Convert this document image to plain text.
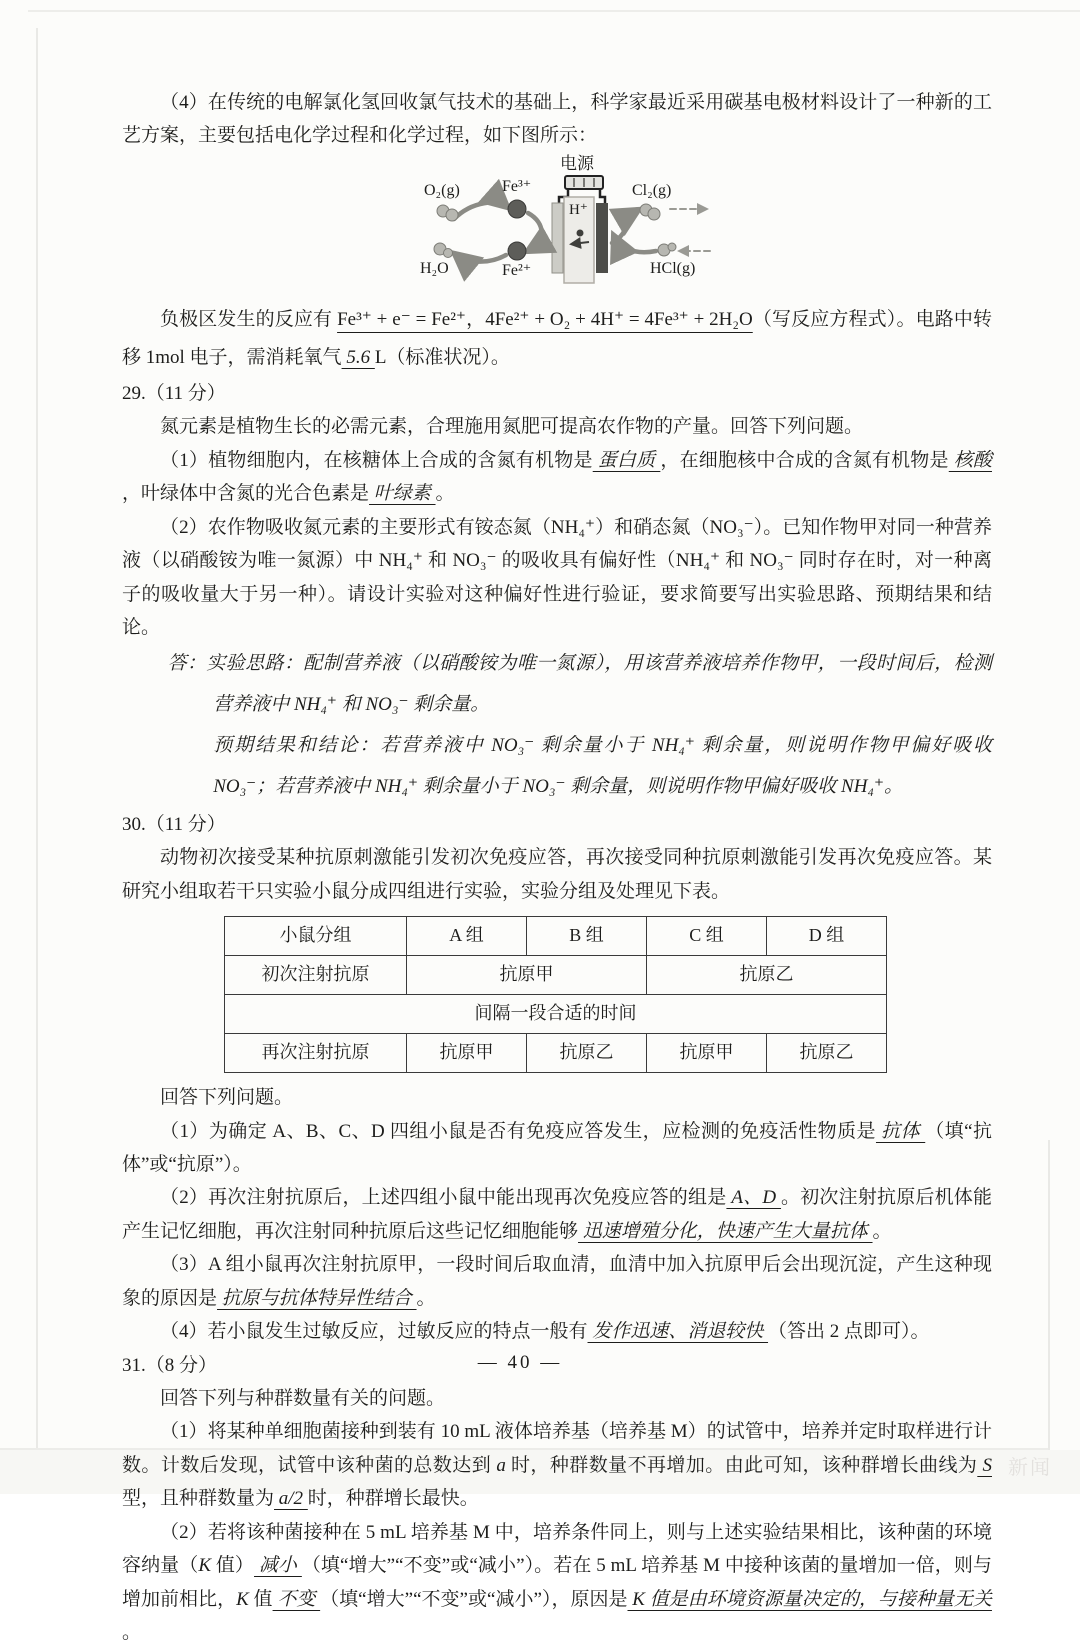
（4）在传统的电解氯化氢回收氯气技术的基础上，科学家最近采用碳基电极材料设计了一种新的工艺方案，主要包括电化学过程和化学过程，如下图所示：

电源
O₂(g)	Fe³⁺	Cl₂(g)
H₂O	Fe²⁺	HCl(g)
H⁺

负极区发生的反应有 Fe³⁺ + e⁻ = Fe²⁺，4Fe²⁺ + O₂ + 4H⁺ = 4Fe³⁺ + 2H₂O（写反应方程式）。电路中转移 1mol 电子，需消耗氧气 5.6 L（标准状况）。

29.（11 分）

氮元素是植物生长的必需元素，合理施用氮肥可提高农作物的产量。回答下列问题。

（1）植物细胞内，在核糖体上合成的含氮有机物是 蛋白质 ，在细胞核中合成的含氮有机物是 核酸 ，叶绿体中含氮的光合色素是 叶绿素 。

（2）农作物吸收氮元素的主要形式有铵态氮（NH₄⁺）和硝态氮（NO₃⁻）。已知作物甲对同一种营养液（以硝酸铵为唯一氮源）中 NH₄⁺ 和 NO₃⁻ 的吸收具有偏好性（NH₄⁺ 和 NO₃⁻ 同时存在时，对一种离子的吸收量大于另一种）。请设计实验对这种偏好性进行验证，要求简要写出实验思路、预期结果和结论。

答：实验思路：配制营养液（以硝酸铵为唯一氮源），用该营养液培养作物甲，一段时间后，检测营养液中 NH₄⁺ 和 NO₃⁻ 剩余量。

预期结果和结论：若营养液中 NO₃⁻ 剩余量小于 NH₄⁺ 剩余量，则说明作物甲偏好吸收 NO₃⁻；若营养液中 NH₄⁺ 剩余量小于 NO₃⁻ 剩余量，则说明作物甲偏好吸收 NH₄⁺。

30.（11 分）

动物初次接受某种抗原刺激能引发初次免疫应答，再次接受同种抗原刺激能引发再次免疫应答。某研究小组取若干只实验小鼠分成四组进行实验，实验分组及处理见下表。

小鼠分组	A 组	B 组	C 组	D 组
初次注射抗原	抗原甲		抗原乙	
间隔一段合适的时间				
再次注射抗原	抗原甲	抗原乙	抗原甲	抗原乙

回答下列问题。

（1）为确定 A、B、C、D 四组小鼠是否有免疫应答发生，应检测的免疫活性物质是 抗体 （填“抗体”或“抗原”）。

（2）再次注射抗原后，上述四组小鼠中能出现再次免疫应答的组是 A、D 。初次注射抗原后机体能产生记忆细胞，再次注射同种抗原后这些记忆细胞能够 迅速增殖分化，快速产生大量抗体 。

（3）A 组小鼠再次注射抗原甲，一段时间后取血清，血清中加入抗原甲后会出现沉淀，产生这种现象的原因是 抗原与抗体特异性结合 。

（4）若小鼠发生过敏反应，过敏反应的特点一般有 发作迅速、消退较快 （答出 2 点即可）。

31.（8 分）

回答下列与种群数量有关的问题。

（1）将某种单细胞菌接种到装有 10 mL 液体培养基（培养基 M）的试管中，培养并定时取样进行计数。计数后发现，试管中该种菌的总数达到 a 时，种群数量不再增加。由此可知，该种群增长曲线为 S 型，且种群数量为 a/2 时，种群增长最快。

（2）若将该种菌接种在 5 mL 培养基 M 中，培养条件同上，则与上述实验结果相比，该种菌的环境容纳量（K 值） 减小 （填“增大”“不变”或“减小”）。若在 5 mL 培养基 M 中接种该菌的量增加一倍，则与增加前相比，K 值 不变 （填“增大”“不变”或“减小”），原因是 K 值是由环境资源量决定的，与接种量无关 。

— 40 —
新闻
